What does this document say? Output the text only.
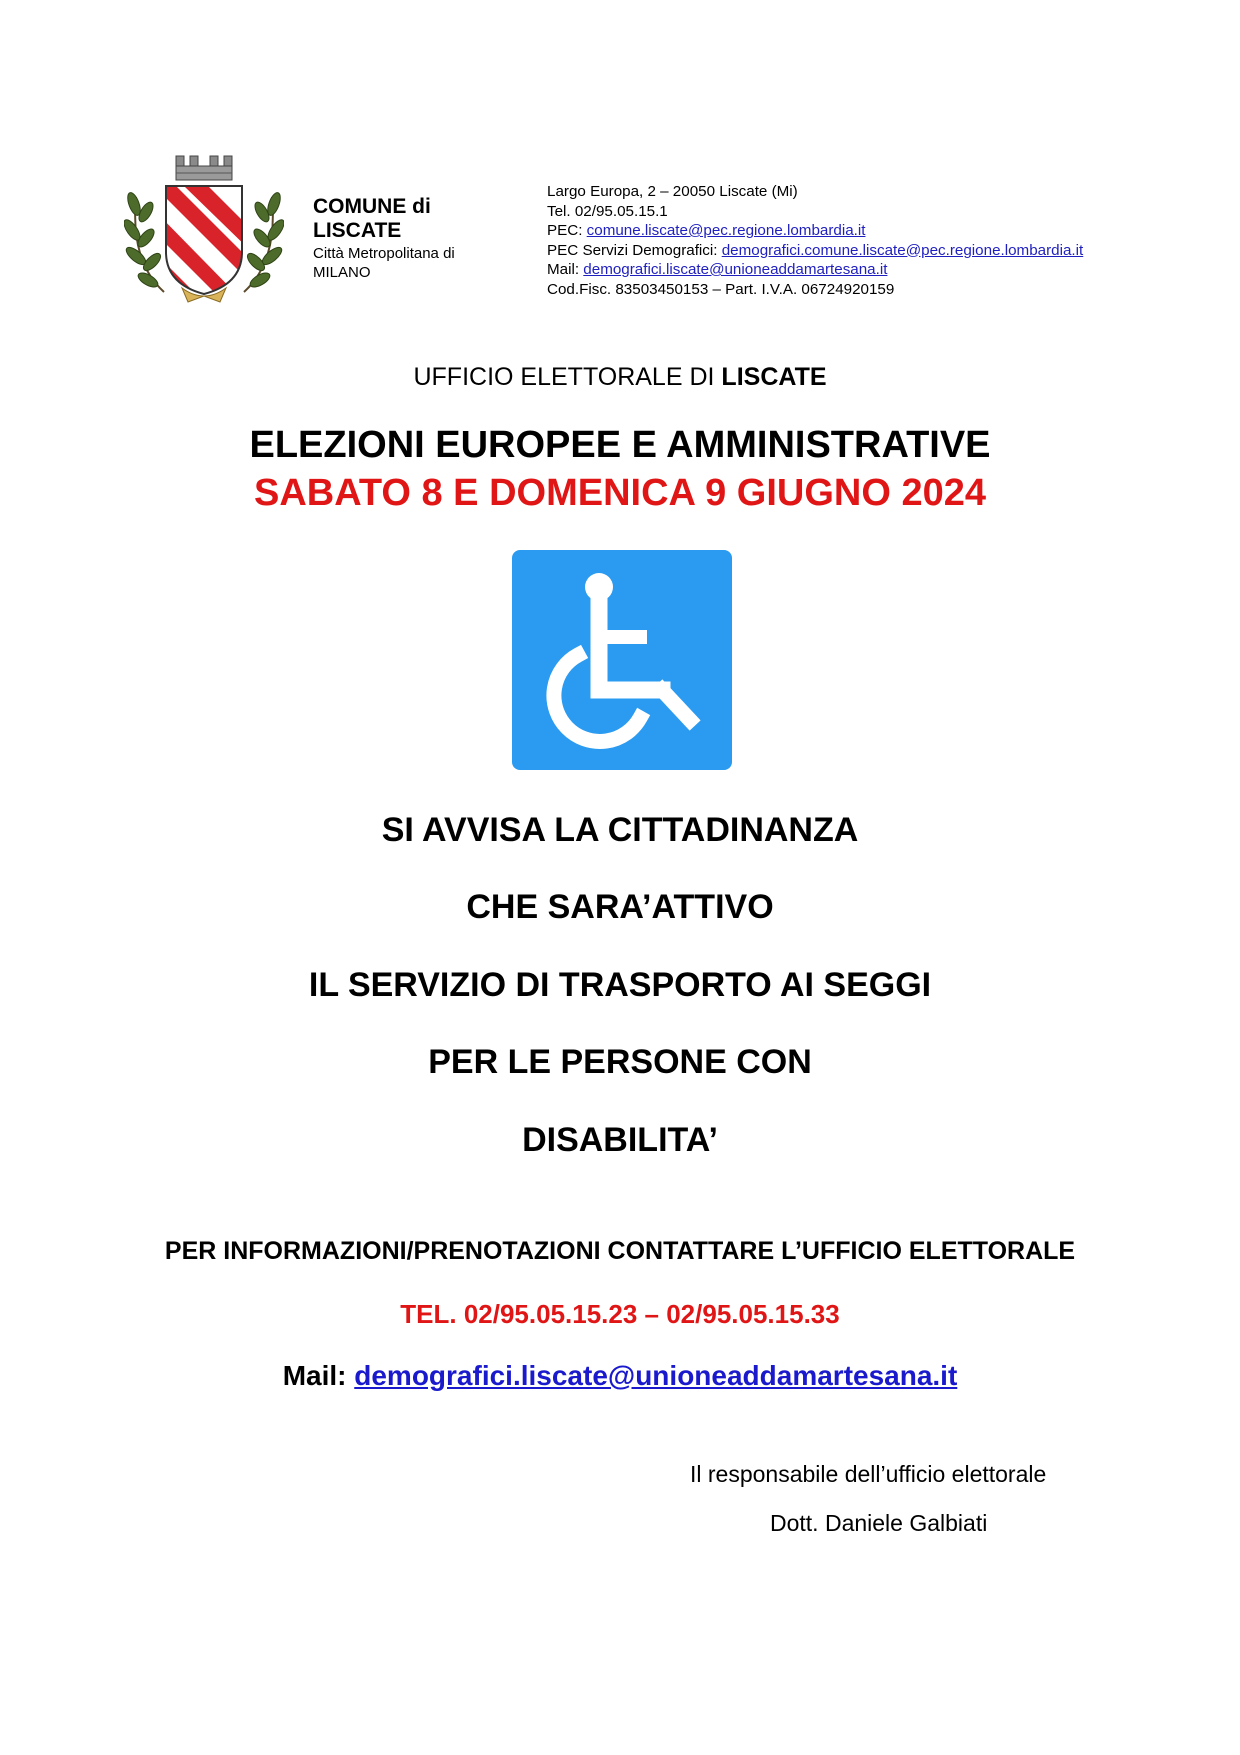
COMUNE di
LISCATE
Città Metropolitana di
MILANO
Largo Europa, 2 – 20050 Liscate (Mi)
Tel. 02/95.05.15.1
PEC: comune.liscate@pec.regione.lombardia.it
PEC Servizi Demografici: demografici.comune.liscate@pec.regione.lombardia.it
Mail: demografici.liscate@unioneaddamartesana.it
Cod.Fisc. 83503450153 – Part. I.V.A. 06724920159
UFFICIO ELETTORALE DI LISCATE
ELEZIONI EUROPEE E AMMINISTRATIVE
SABATO 8 E DOMENICA 9 GIUGNO 2024
SI AVVISA LA CITTADINANZA
CHE SARA’ATTIVO
IL SERVIZIO DI TRASPORTO AI SEGGI
PER LE PERSONE CON
DISABILITA’
PER INFORMAZIONI/PRENOTAZIONI CONTATTARE L’UFFICIO ELETTORALE
TEL. 02/95.05.15.23 – 02/95.05.15.33
Mail: demografici.liscate@unioneaddamartesana.it
Il responsabile dell’ufficio elettorale
Dott. Daniele Galbiati
